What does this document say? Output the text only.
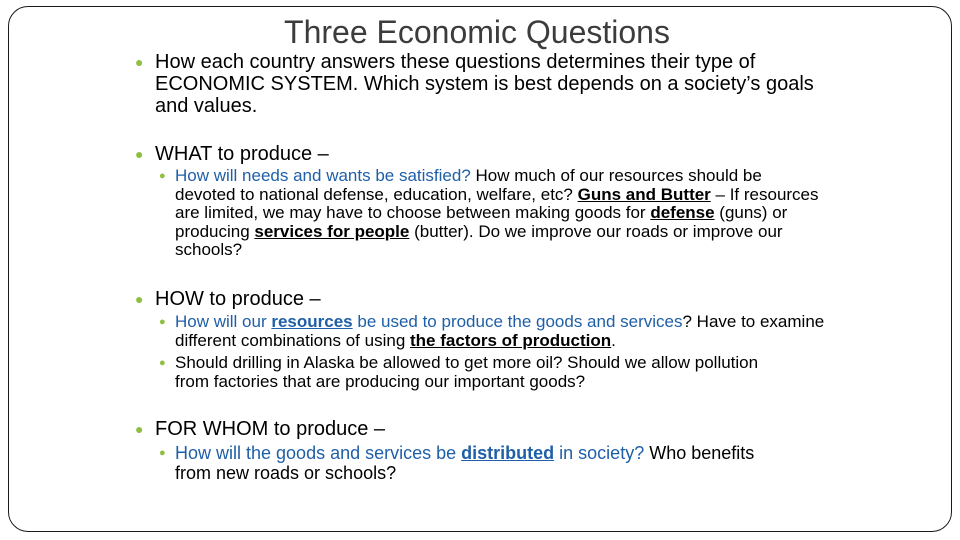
Three Economic Questions
● How each country answers these questions determines their type of ECONOMIC SYSTEM. Which system is best depends on a society’s goals and values.
● WHAT to produce –
● How will needs and wants be satisfied? How much of our resources should be devoted to national defense, education, welfare, etc? Guns and Butter – If resources are limited, we may have to choose between making goods for defense (guns) or producing services for people (butter). Do we improve our roads or improve our schools?
● HOW to produce –
● How will our resources be used to produce the goods and services? Have to examine different combinations of using the factors of production.
● Should drilling in Alaska be allowed to get more oil? Should we allow pollution from factories that are producing our important goods?
● FOR WHOM to produce –
● How will the goods and services be distributed in society? Who benefits from new roads or schools?
